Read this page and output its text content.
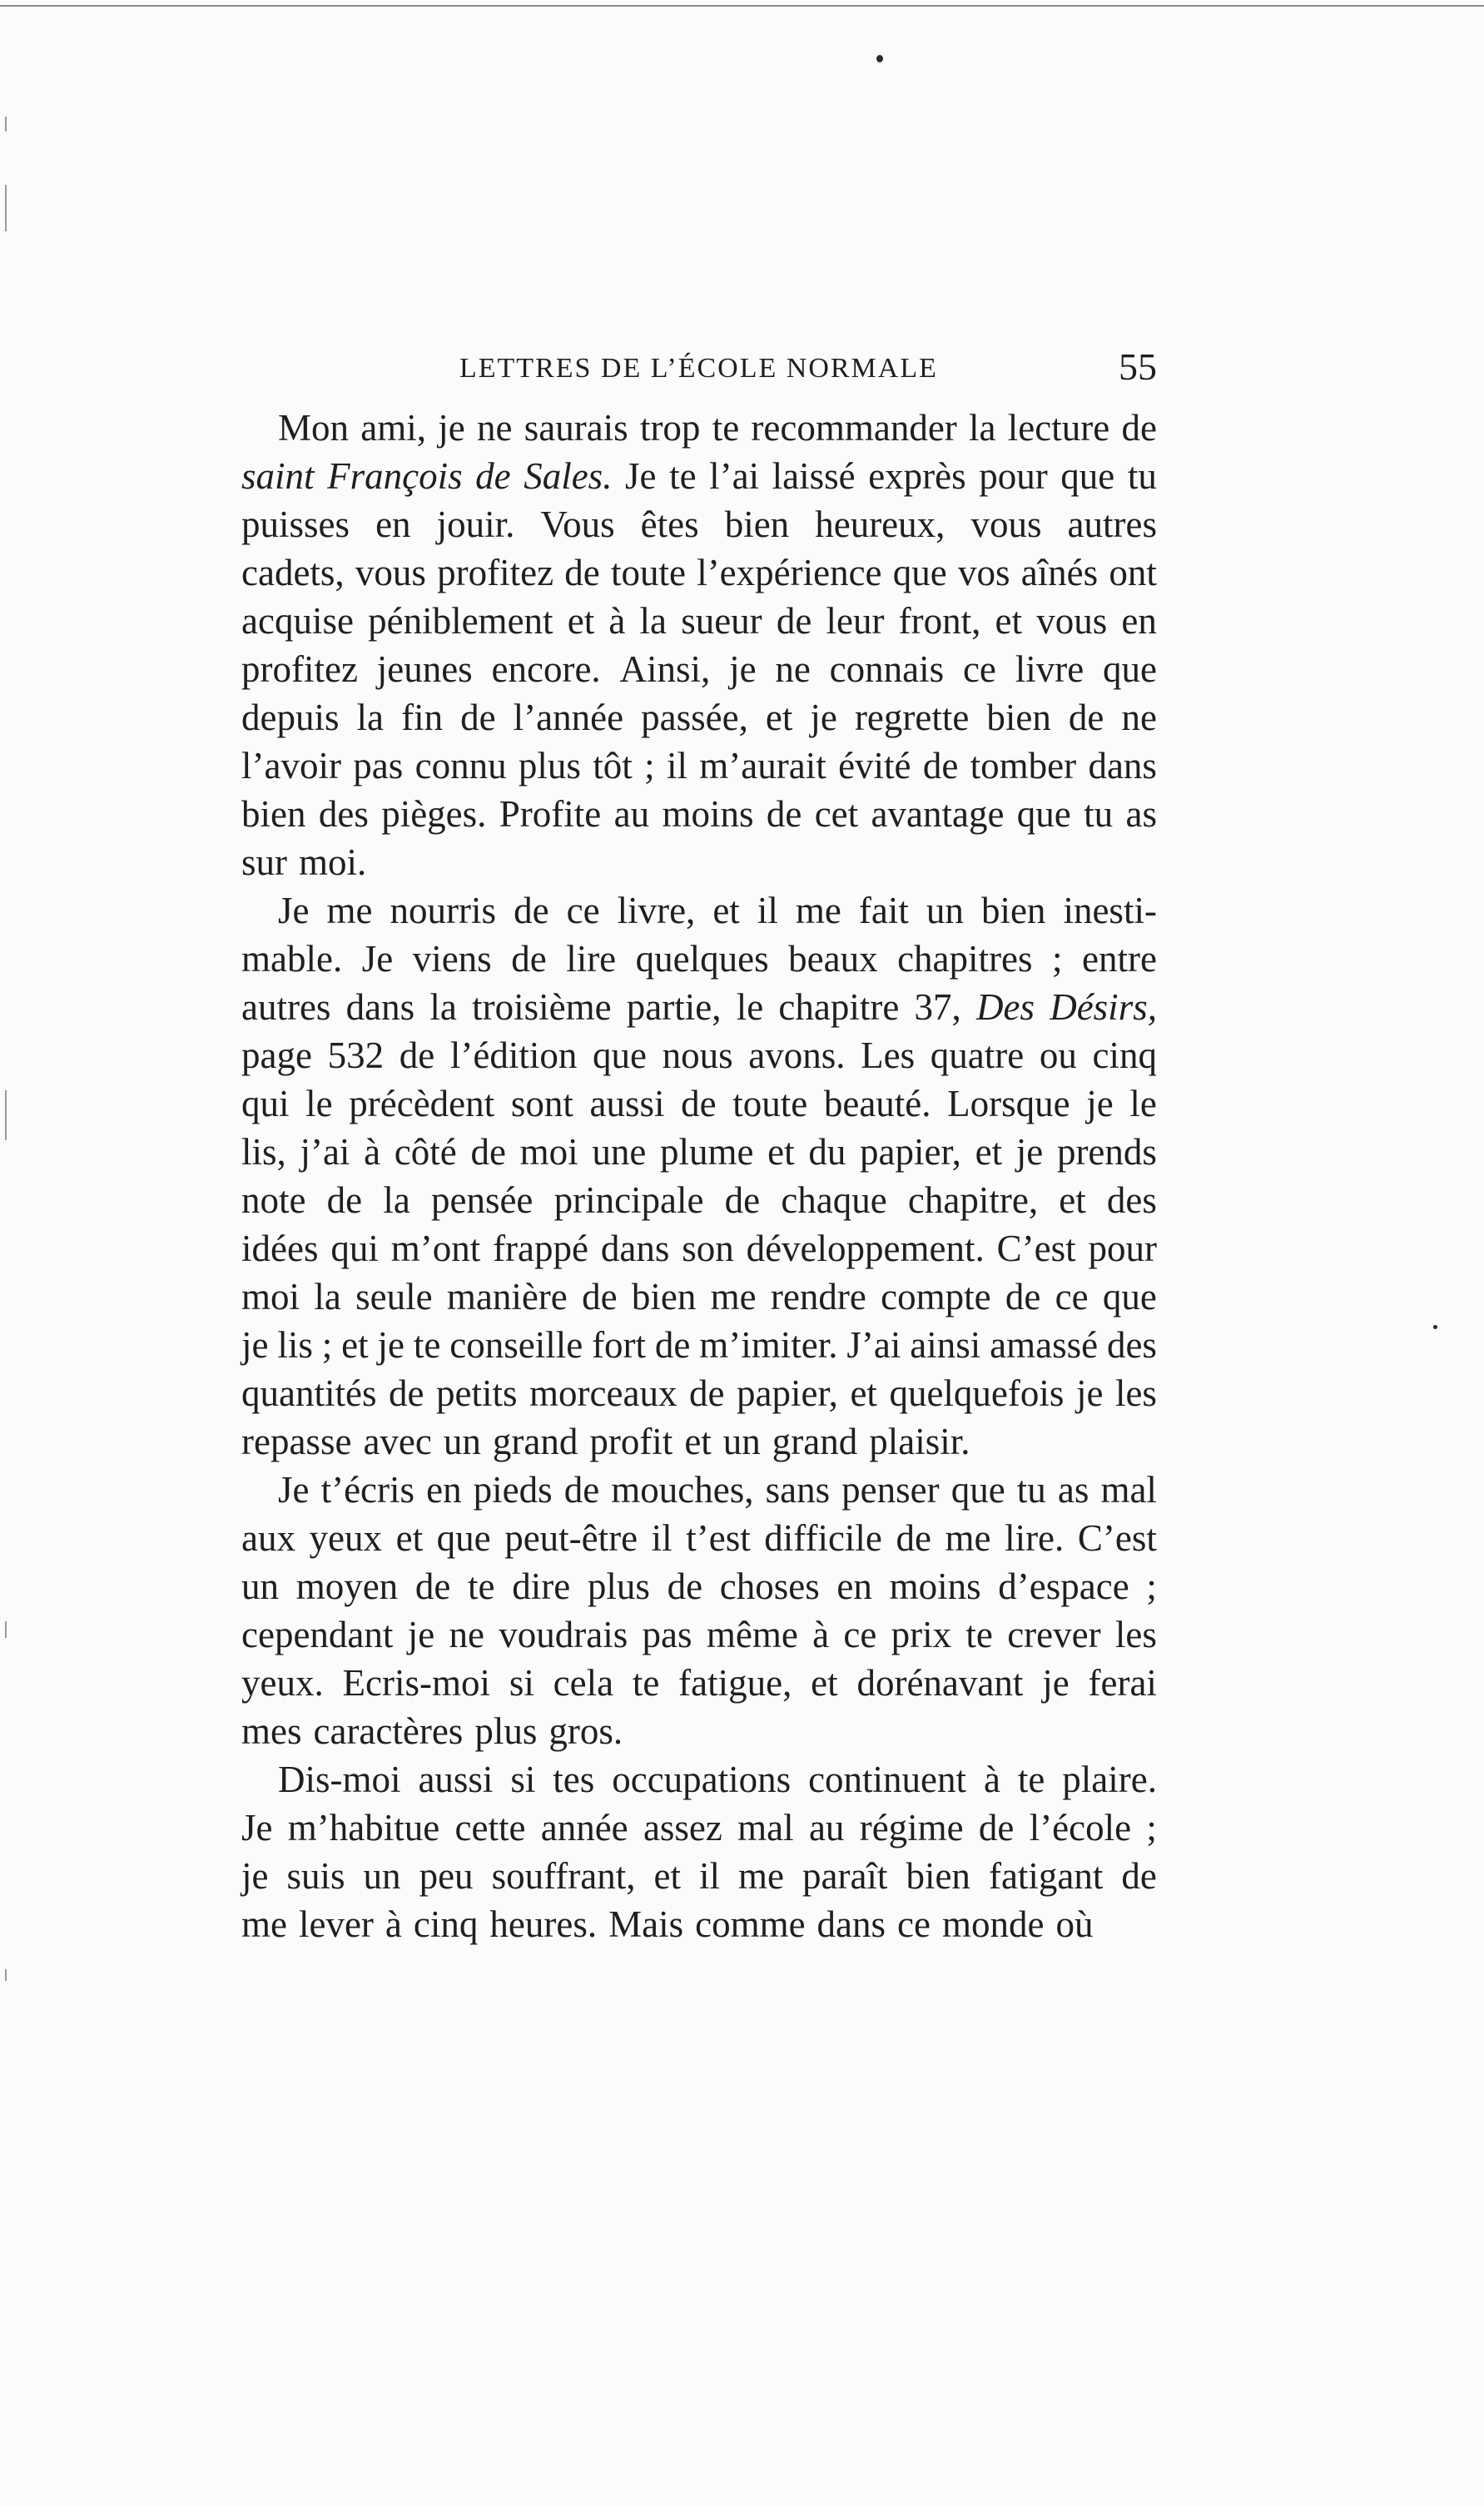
LETTRES DE L’ÉCOLE NORMALE	55
Mon ami, je ne saurais trop te recommander la lecture de
saint François de Sales. Je te l’ai laissé exprès pour que tu
puisses en jouir. Vous êtes bien heureux, vous autres
cadets, vous profitez de toute l’expérience que vos aînés ont
acquise péniblement et à la sueur de leur front, et vous en
profitez jeunes encore. Ainsi, je ne connais ce livre que
depuis la fin de l’année passée, et je regrette bien de ne
l’avoir pas connu plus tôt ; il m’aurait évité de tomber dans
bien des pièges. Profite au moins de cet avantage que tu as
sur moi.
Je me nourris de ce livre, et il me fait un bien inesti-
mable. Je viens de lire quelques beaux chapitres ; entre
autres dans la troisième partie, le chapitre 37, Des Désirs,
page 532 de l’édition que nous avons. Les quatre ou cinq
qui le précèdent sont aussi de toute beauté. Lorsque je le
lis, j’ai à côté de moi une plume et du papier, et je prends
note de la pensée principale de chaque chapitre, et des
idées qui m’ont frappé dans son développement. C’est pour
moi la seule manière de bien me rendre compte de ce que
je lis ; et je te conseille fort de m’imiter. J’ai ainsi amassé des
quantités de petits morceaux de papier, et quelquefois je les
repasse avec un grand profit et un grand plaisir.
Je t’écris en pieds de mouches, sans penser que tu as mal
aux yeux et que peut-être il t’est difficile de me lire. C’est
un moyen de te dire plus de choses en moins d’espace ;
cependant je ne voudrais pas même à ce prix te crever les
yeux. Ecris-moi si cela te fatigue, et dorénavant je ferai
mes caractères plus gros.
Dis-moi aussi si tes occupations continuent à te plaire.
Je m’habitue cette année assez mal au régime de l’école ;
je suis un peu souffrant, et il me paraît bien fatigant de
me lever à cinq heures. Mais comme dans ce monde où
